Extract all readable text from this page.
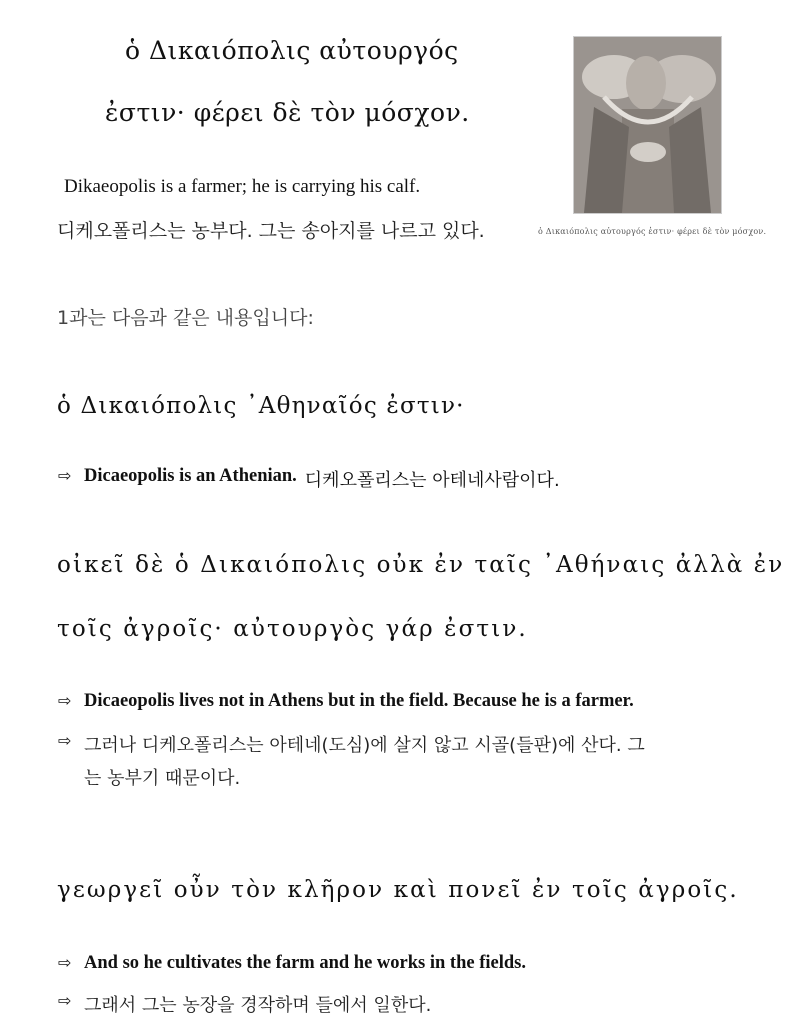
ὁ Δικαιόπολις αὐτουργός
ἐστιν· φέρει δὲ τὸν μόσχον.
Dikaeopolis is a farmer; he is carrying his calf.
디케오폴리스는 농부다. 그는 송아지를 나르고 있다.	ὁ Δικαιόπολις αὐτουργός ἐστιν· φέρει δὲ τὸν μόσχον.
1과는 다음과 같은 내용입니다:
ὁ Δικαιόπολις ᾽Αθηναῖός ἐστιν·
⇨ Dicaeopolis is an Athenian. 디케오폴리스는 아테네사람이다.
οἰκεῖ δὲ ὁ Δικαιόπολις οὐκ ἐν ταῖς ᾽Αθήναις ἀλλὰ ἐν
τοῖς ἀγροῖς· αὐτουργὸς γάρ ἐστιν.
⇨ Dicaeopolis lives not in Athens but in the field. Because he is a farmer.
⇨ 그러나 디케오폴리스는 아테네(도심)에 살지 않고 시골(들판)에 산다. 그
는 농부기 때문이다.
γεωργεῖ οὖν τὸν κλῆρον καὶ πονεῖ ἐν τοῖς ἀγροῖς.
⇨ And so he cultivates the farm and he works in the fields.
⇨ 그래서 그는 농장을 경작하며 들에서 일한다.
